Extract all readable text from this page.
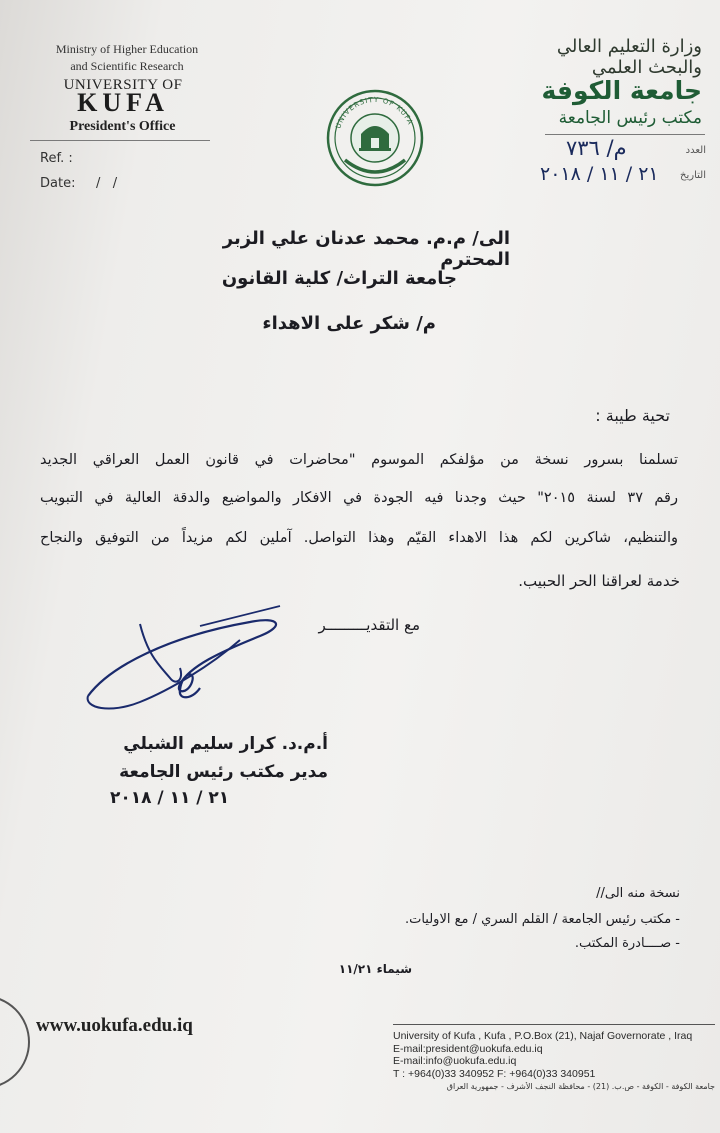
Ministry of Higher Education
and Scientific Research
UNIVERSITY OF
KUFA
President's Office
Ref. :
Date: /   /
UNIVERSITY OF KUFA
وزارة التعليم العالي
والبحث العلمي
جامعة الكوفة
مكتب رئيس الجامعة
العدد
م/ ٧٣٦
التاريخ
٢١ / ١١ / ٢٠١٨
الى/ م.م. محمد عدنان علي الزبر المحترم
جامعة التراث/ كلية القانون
م/ شكر على الاهداء
تحية طيبة :
تسلمنا بسرور نسخة من مؤلفكم الموسوم "محاضرات في قانون العمل العراقي الجديد
رقم ٣٧ لسنة ٢٠١٥" حيث وجدنا فيه الجودة في الافكار والمواضيع والدقة العالية في التبويب
والتنظيم، شاكرين لكم هذا الاهداء القيّم وهذا التواصل. آملين لكم مزيداً من التوفيق والنجاح
خدمة لعراقنا الحر الحبيب.
مع التقديـــــــــر
أ.م.د. كرار سليم الشبلي
مدير مكتب رئيس الجامعة
٢١ / ١١ / ٢٠١٨
نسخة منه الى//
- مكتب رئيس الجامعة / القلم السري / مع الاوليات.
- صــــادرة المكتب.
شيماء ١١/٢١
www.uokufa.edu.iq	University of Kufa , Kufa , P.O.Box (21), Najaf Governorate , Iraq
E-mail:president@uokufa.edu.iq
E-mail:info@uokufa.edu.iq
T : +964(0)33 340952 F: +964(0)33 340951
جامعة الكوفة - الكوفة - ص.ب. (21) - محافظة النجف الأشرف - جمهورية العراق
